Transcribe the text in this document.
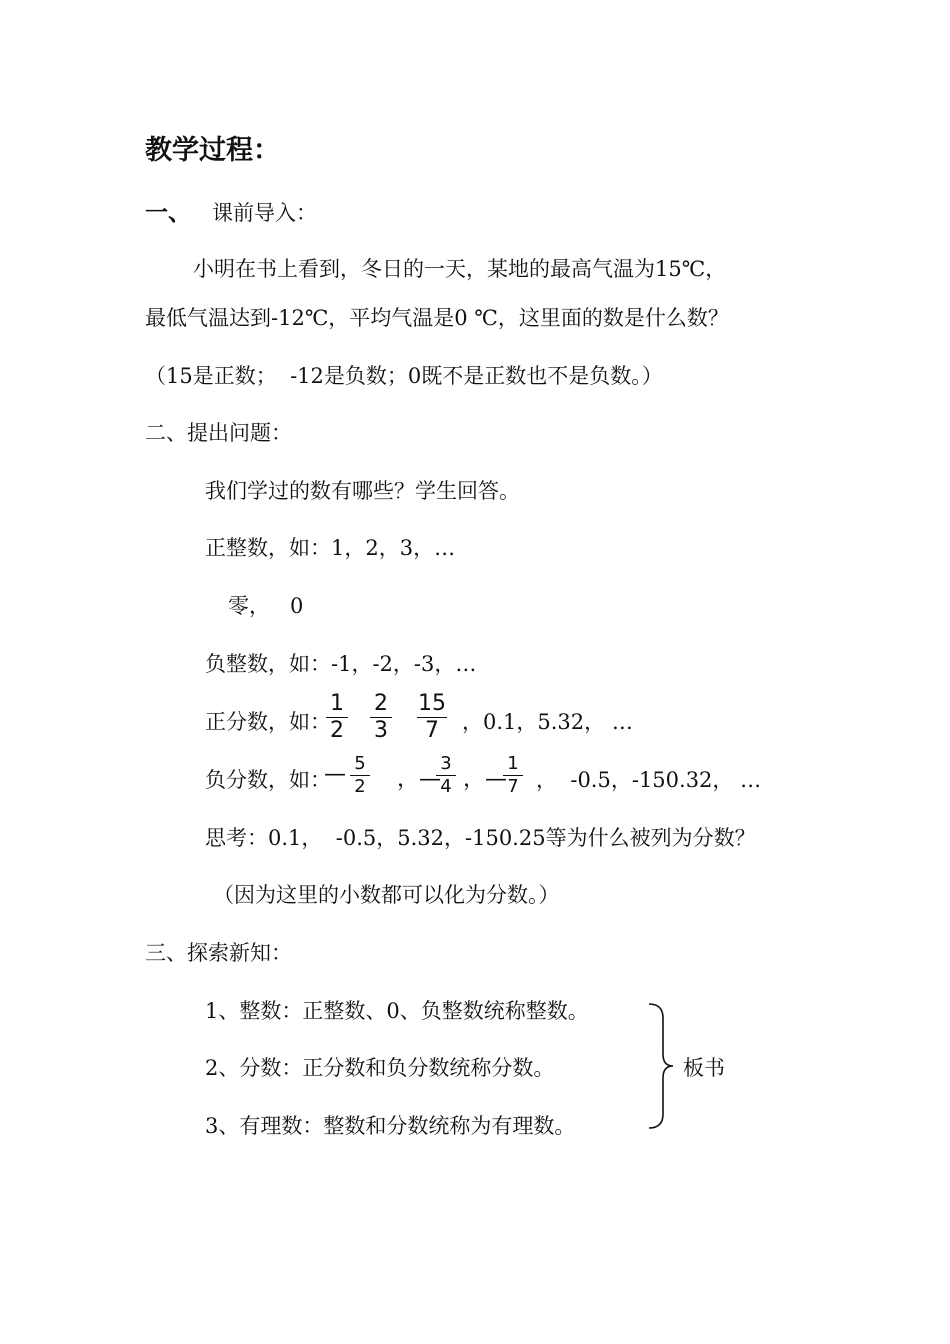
教学过程：
一、 课前导入：
小明在书上看到，冬日的一天，某地的最高气温为15℃，
最低气温达到-12℃，平均气温是0 ℃，这里面的数是什么数？
（15是正数；  -12是负数；0既不是正数也不是负数。）
二、提出问题：
我们学过的数有哪些？学生回答。
正整数，如：1，2，3，…
零，   0
负整数，如：-1，-2，-3，…
正分数，如：
1
2
2
3
15
7	，0.1，5.32， …
负分数，如：
— 5
2 ，—
3
4 ，—
1
7 ，  -0.5，-150.32， …
思考：0.1，  -0.5，5.32，-150.25等为什么被列为分数？
（因为这里的小数都可以化为分数。）
三、探索新知：
1、整数：正整数、0、负整数统称整数。
2、分数：正分数和负分数统称分数。
3、有理数：整数和分数统称为有理数。
板书
